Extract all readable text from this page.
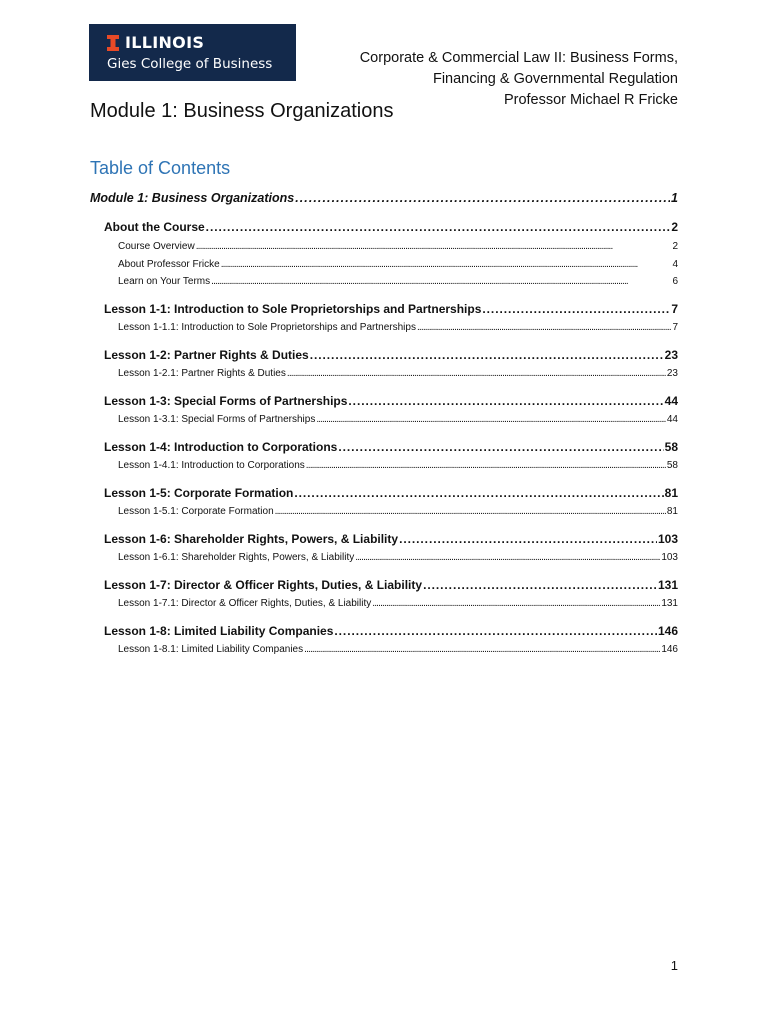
ILLINOIS
Gies College of Business	Corporate & Commercial Law II: Business Forms,
Financing & Governmental Regulation
Professor Michael R Fricke
Module 1: Business Organizations
Table of Contents
Module 1: Business Organizations . . .	1
About the Course . . .	2
Course Overview . . .	2
About Professor Fricke . . .	4
Learn on Your Terms . . .	6
Lesson 1-1: Introduction to Sole Proprietorships and Partnerships . . .	7
Lesson 1-1.1: Introduction to Sole Proprietorships and Partnerships . . .	7
Lesson 1-2: Partner Rights & Duties . . .	23
Lesson 1-2.1: Partner Rights & Duties . . .	23
Lesson 1-3: Special Forms of Partnerships . . .	44
Lesson 1-3.1: Special Forms of Partnerships . . .	44
Lesson 1-4: Introduction to Corporations . . .	58
Lesson 1-4.1: Introduction to Corporations . . .	58
Lesson 1-5: Corporate Formation . . .	81
Lesson 1-5.1: Corporate Formation . . .	81
Lesson 1-6: Shareholder Rights, Powers, & Liability . . .	103
Lesson 1-6.1: Shareholder Rights, Powers, & Liability . . .	103
Lesson 1-7: Director & Officer Rights, Duties, & Liability . . .	131
Lesson 1-7.1: Director & Officer Rights, Duties, & Liability . . .	131
Lesson 1-8: Limited Liability Companies . . .	146
Lesson 1-8.1: Limited Liability Companies . . .	146
1
